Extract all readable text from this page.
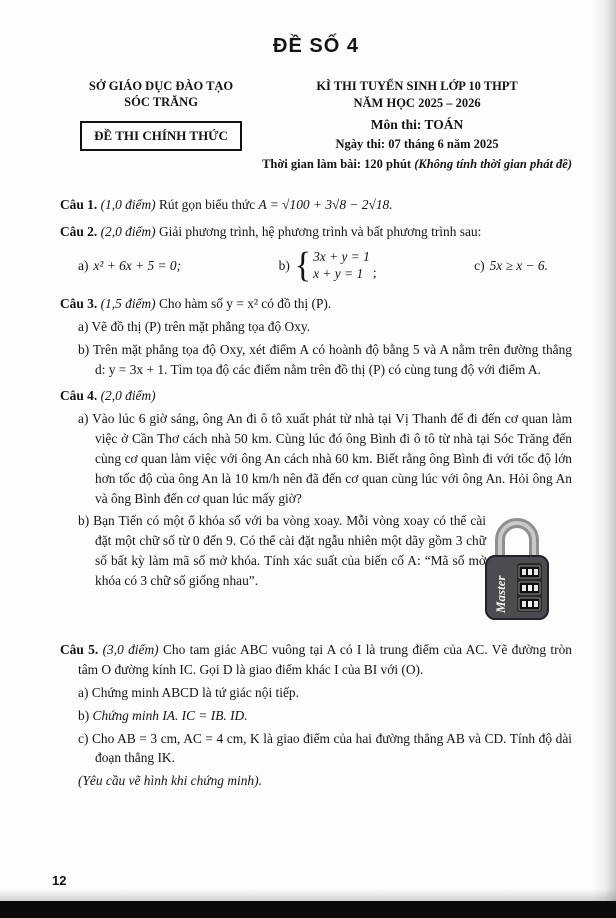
ĐỀ SỐ 4
SỞ GIÁO DỤC ĐÀO TẠO
SÓC TRĂNG
ĐỀ THI CHÍNH THỨC
KÌ THI TUYỂN SINH LỚP 10 THPT
NĂM HỌC 2025 – 2026
Môn thi: TOÁN
Ngày thi: 07 tháng 6 năm 2025
Thời gian làm bài: 120 phút (Không tính thời gian phát đề)

Câu 1. (1,0 điểm) Rút gọn biểu thức A = √100 + 3√8 − 2√18.

Câu 2. (2,0 điểm) Giải phương trình, hệ phương trình và bất phương trình sau:

a) x² + 6x + 5 = 0;	b) { 3x + y = 1
x + y = 1 ;	c) 5x ≥ x − 6.

Câu 3. (1,5 điểm) Cho hàm số y = x² có đồ thị (P).

a) Vẽ đồ thị (P) trên mặt phẳng tọa độ Oxy.

b) Trên mặt phẳng tọa độ Oxy, xét điểm A có hoành độ bằng 5 và A nằm trên đường thẳng d: y = 3x + 1. Tìm tọa độ các điểm nằm trên đồ thị (P) có cùng tung độ với điểm A.

Câu 4. (2,0 điểm)

a) Vào lúc 6 giờ sáng, ông An đi ô tô xuất phát từ nhà tại Vị Thanh để đi đến cơ quan làm việc ở Cần Thơ cách nhà 50 km. Cùng lúc đó ông Bình đi ô tô từ nhà tại Sóc Trăng đến cùng cơ quan làm việc với ông An cách nhà 60 km. Biết rằng ông Bình đi với tốc độ lớn hơn tốc độ của ông An là 10 km/h nên đã đến cơ quan cùng lúc với ông An. Hỏi ông An và ông Bình đến cơ quan lúc mấy giờ?

Master
b) Bạn Tiến có một ổ khóa số với ba vòng xoay. Mỗi vòng xoay có thể cài đặt một chữ số từ 0 đến 9. Có thể cài đặt ngẫu nhiên một dãy gồm 3 chữ số bất kỳ làm mã số mở khóa. Tính xác suất của biến cố A: “Mã số mở khóa có 3 chữ số giống nhau”.

Câu 5. (3,0 điểm) Cho tam giác ABC vuông tại A có I là trung điểm của AC. Vẽ đường tròn tâm O đường kính IC. Gọi D là giao điểm khác I của BI với (O).

a) Chứng minh ABCD là tứ giác nội tiếp.

b) Chứng minh IA. IC = IB. ID.

c) Cho AB = 3 cm, AC = 4 cm, K là giao điểm của hai đường thẳng AB và CD. Tính độ dài đoạn thẳng IK.

(Yêu cầu vẽ hình khi chứng minh).

12
